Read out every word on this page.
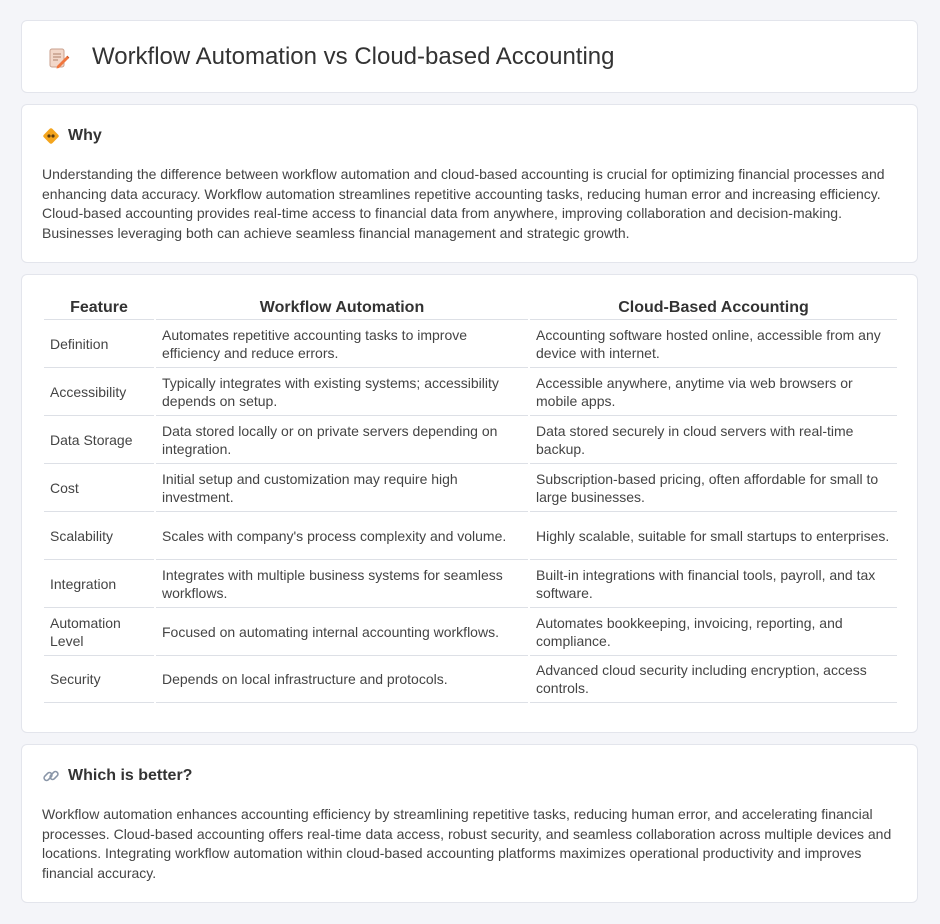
Workflow Automation vs Cloud-based Accounting
Why
Understanding the difference between workflow automation and cloud-based accounting is crucial for optimizing financial processes and enhancing data accuracy. Workflow automation streamlines repetitive accounting tasks, reducing human error and increasing efficiency. Cloud-based accounting provides real-time access to financial data from anywhere, improving collaboration and decision-making. Businesses leveraging both can achieve seamless financial management and strategic growth.
Feature	Workflow Automation	Cloud-Based Accounting
Definition	Automates repetitive accounting tasks to improve efficiency and reduce errors.	Accounting software hosted online, accessible from any device with internet.
Accessibility	Typically integrates with existing systems; accessibility depends on setup.	Accessible anywhere, anytime via web browsers or mobile apps.
Data Storage	Data stored locally or on private servers depending on integration.	Data stored securely in cloud servers with real-time backup.
Cost	Initial setup and customization may require high investment.	Subscription-based pricing, often affordable for small to large businesses.
Scalability	Scales with company's process complexity and volume.	Highly scalable, suitable for small startups to enterprises.
Integration	Integrates with multiple business systems for seamless workflows.	Built-in integrations with financial tools, payroll, and tax software.
Automation Level	Focused on automating internal accounting workflows.	Automates bookkeeping, invoicing, reporting, and compliance.
Security	Depends on local infrastructure and protocols.	Advanced cloud security including encryption, access controls.
Which is better?
Workflow automation enhances accounting efficiency by streamlining repetitive tasks, reducing human error, and accelerating financial processes. Cloud-based accounting offers real-time data access, robust security, and seamless collaboration across multiple devices and locations. Integrating workflow automation within cloud-based accounting platforms maximizes operational productivity and improves financial accuracy.
